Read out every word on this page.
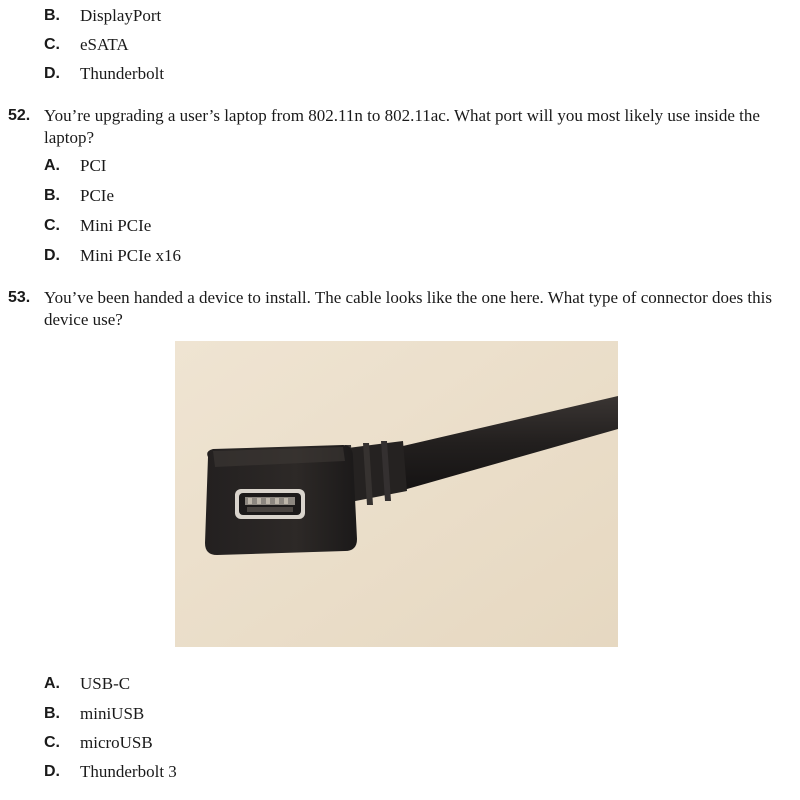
B.	DisplayPort
C.	eSATA
D.	Thunderbolt
52. You’re upgrading a user’s laptop from 802.11n to 802.11ac. What port will you most likely use inside the laptop?
A.	PCI
B.	PCIe
C.	Mini PCIe
D.	Mini PCIe x16
53. You’ve been handed a device to install. The cable looks like the one here. What type of connector does this device use?
A.	USB-C
B.	miniUSB
C.	microUSB
D.	Thunderbolt 3
